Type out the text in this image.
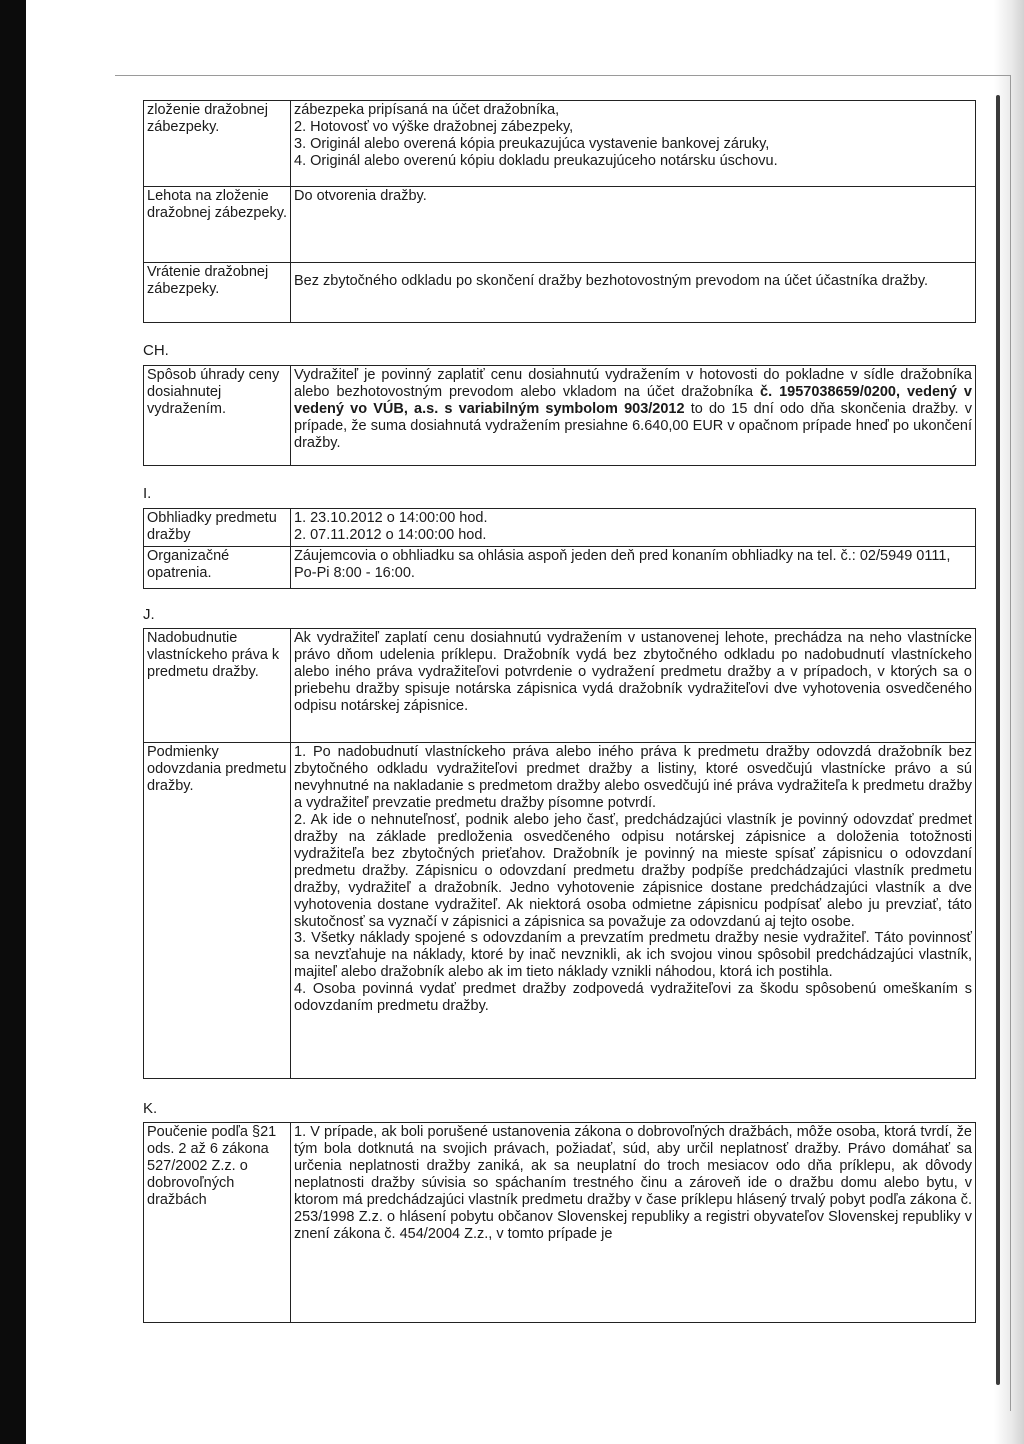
zloženie dražobnej zábezpeky.	zábezpeka pripísaná na účet dražobníka,
2. Hotovosť vo výške dražobnej zábezpeky,
3. Originál alebo overená kópia preukazujúca vystavenie bankovej záruky,
4. Originál alebo overenú kópiu dokladu preukazujúceho notársku úschovu.

Lehota na zloženie dražobnej zábezpeky.	Do otvorenia dražby.
Vrátenie dražobnej zábezpeky.	Bez zbytočného odkladu po skončení dražby bezhotovostným prevodom na účet účastníka dražby.
CH.
Spôsob úhrady ceny dosiahnutej vydražením.	Vydražiteľ je povinný zaplatiť cenu dosiahnutú vydražením v hotovosti do pokladne v sídle dražobníka alebo bezhotovostným prevodom alebo vkladom na účet dražobníka č. 1957038659/0200, vedený v vedený vo VÚB, a.s. s variabilným symbolom 903/2012 to do 15 dní odo dňa skončenia dražby. v prípade, že suma dosiahnutá vydražením presiahne 6.640,00 EUR v opačnom prípade hneď po ukončení dražby.
I.
Obhliadky predmetu dražby	1. 23.10.2012 o 14:00:00 hod.
2. 07.11.2012 o 14:00:00 hod.

Organizačné opatrenia.	Záujemcovia o obhliadku sa ohlásia aspoň jeden deň pred konaním obhliadky na tel. č.: 02/5949 0111, Po-Pi 8:00 - 16:00.
J.
Nadobudnutie vlastníckeho práva k predmetu dražby.	Ak vydražiteľ zaplatí cenu dosiahnutú vydražením v ustanovenej lehote, prechádza na neho vlastnícke právo dňom udelenia príklepu. Dražobník vydá bez zbytočného odkladu po nadobudnutí vlastníckeho alebo iného práva vydražiteľovi potvrdenie o vydražení predmetu dražby a v prípadoch, v ktorých sa o priebehu dražby spisuje notárska zápisnica vydá dražobník vydražiteľovi dve vyhotovenia osvedčeného odpisu notárskej zápisnice.
Podmienky odovzdania predmetu dražby.	1. Po nadobudnutí vlastníckeho práva alebo iného práva k predmetu dražby odovzdá dražobník bez zbytočného odkladu vydražiteľovi predmet dražby a listiny, ktoré osvedčujú vlastnícke právo a sú nevyhnutné na nakladanie s predmetom dražby alebo osvedčujú iné práva vydražiteľa k predmetu dražby a vydražiteľ prevzatie predmetu dražby písomne potvrdí.
2. Ak ide o nehnuteľnosť, podnik alebo jeho časť, predchádzajúci vlastník je povinný odovzdať predmet dražby na základe predloženia osvedčeného odpisu notárskej zápisnice a doloženia totožnosti vydražiteľa bez zbytočných prieťahov. Dražobník je povinný na mieste spísať zápisnicu o odovzdaní predmetu dražby. Zápisnicu o odovzdaní predmetu dražby podpíše predchádzajúci vlastník predmetu dražby, vydražiteľ a dražobník. Jedno vyhotovenie zápisnice dostane predchádzajúci vlastník a dve vyhotovenia dostane vydražiteľ. Ak niektorá osoba odmietne zápisnicu podpísať alebo ju prevziať, táto skutočnosť sa vyznačí v zápisnici a zápisnica sa považuje za odovzdanú aj tejto osobe.
3. Všetky náklady spojené s odovzdaním a prevzatím predmetu dražby nesie vydražiteľ. Táto povinnosť sa nevzťahuje na náklady, ktoré by inač nevznikli, ak ich svojou vinou spôsobil predchádzajúci vlastník, majiteľ alebo dražobník alebo ak im tieto náklady vznikli náhodou, ktorá ich postihla.
4. Osoba povinná vydať predmet dražby zodpovedá vydražiteľovi za škodu spôsobenú omeškaním s odovzdaním predmetu dražby.
K.
Poučenie podľa §21 ods. 2 až 6 zákona 527/2002 Z.z. o dobrovoľných dražbách	1. V prípade, ak boli porušené ustanovenia zákona o dobrovoľných dražbách, môže osoba, ktorá tvrdí, že tým bola dotknutá na svojich právach, požiadať, súd, aby určil neplatnosť dražby. Právo domáhať sa určenia neplatnosti dražby zaniká, ak sa neuplatní do troch mesiacov odo dňa príklepu, ak dôvody neplatnosti dražby súvisia so spáchaním trestného činu a zároveň ide o dražbu domu alebo bytu, v ktorom má predchádzajúci vlastník predmetu dražby v čase príklepu hlásený trvalý pobyt podľa zákona č. 253/1998 Z.z. o hlásení pobytu občanov Slovenskej republiky a registri obyvateľov Slovenskej republiky v znení zákona č. 454/2004 Z.z., v tomto prípade je
